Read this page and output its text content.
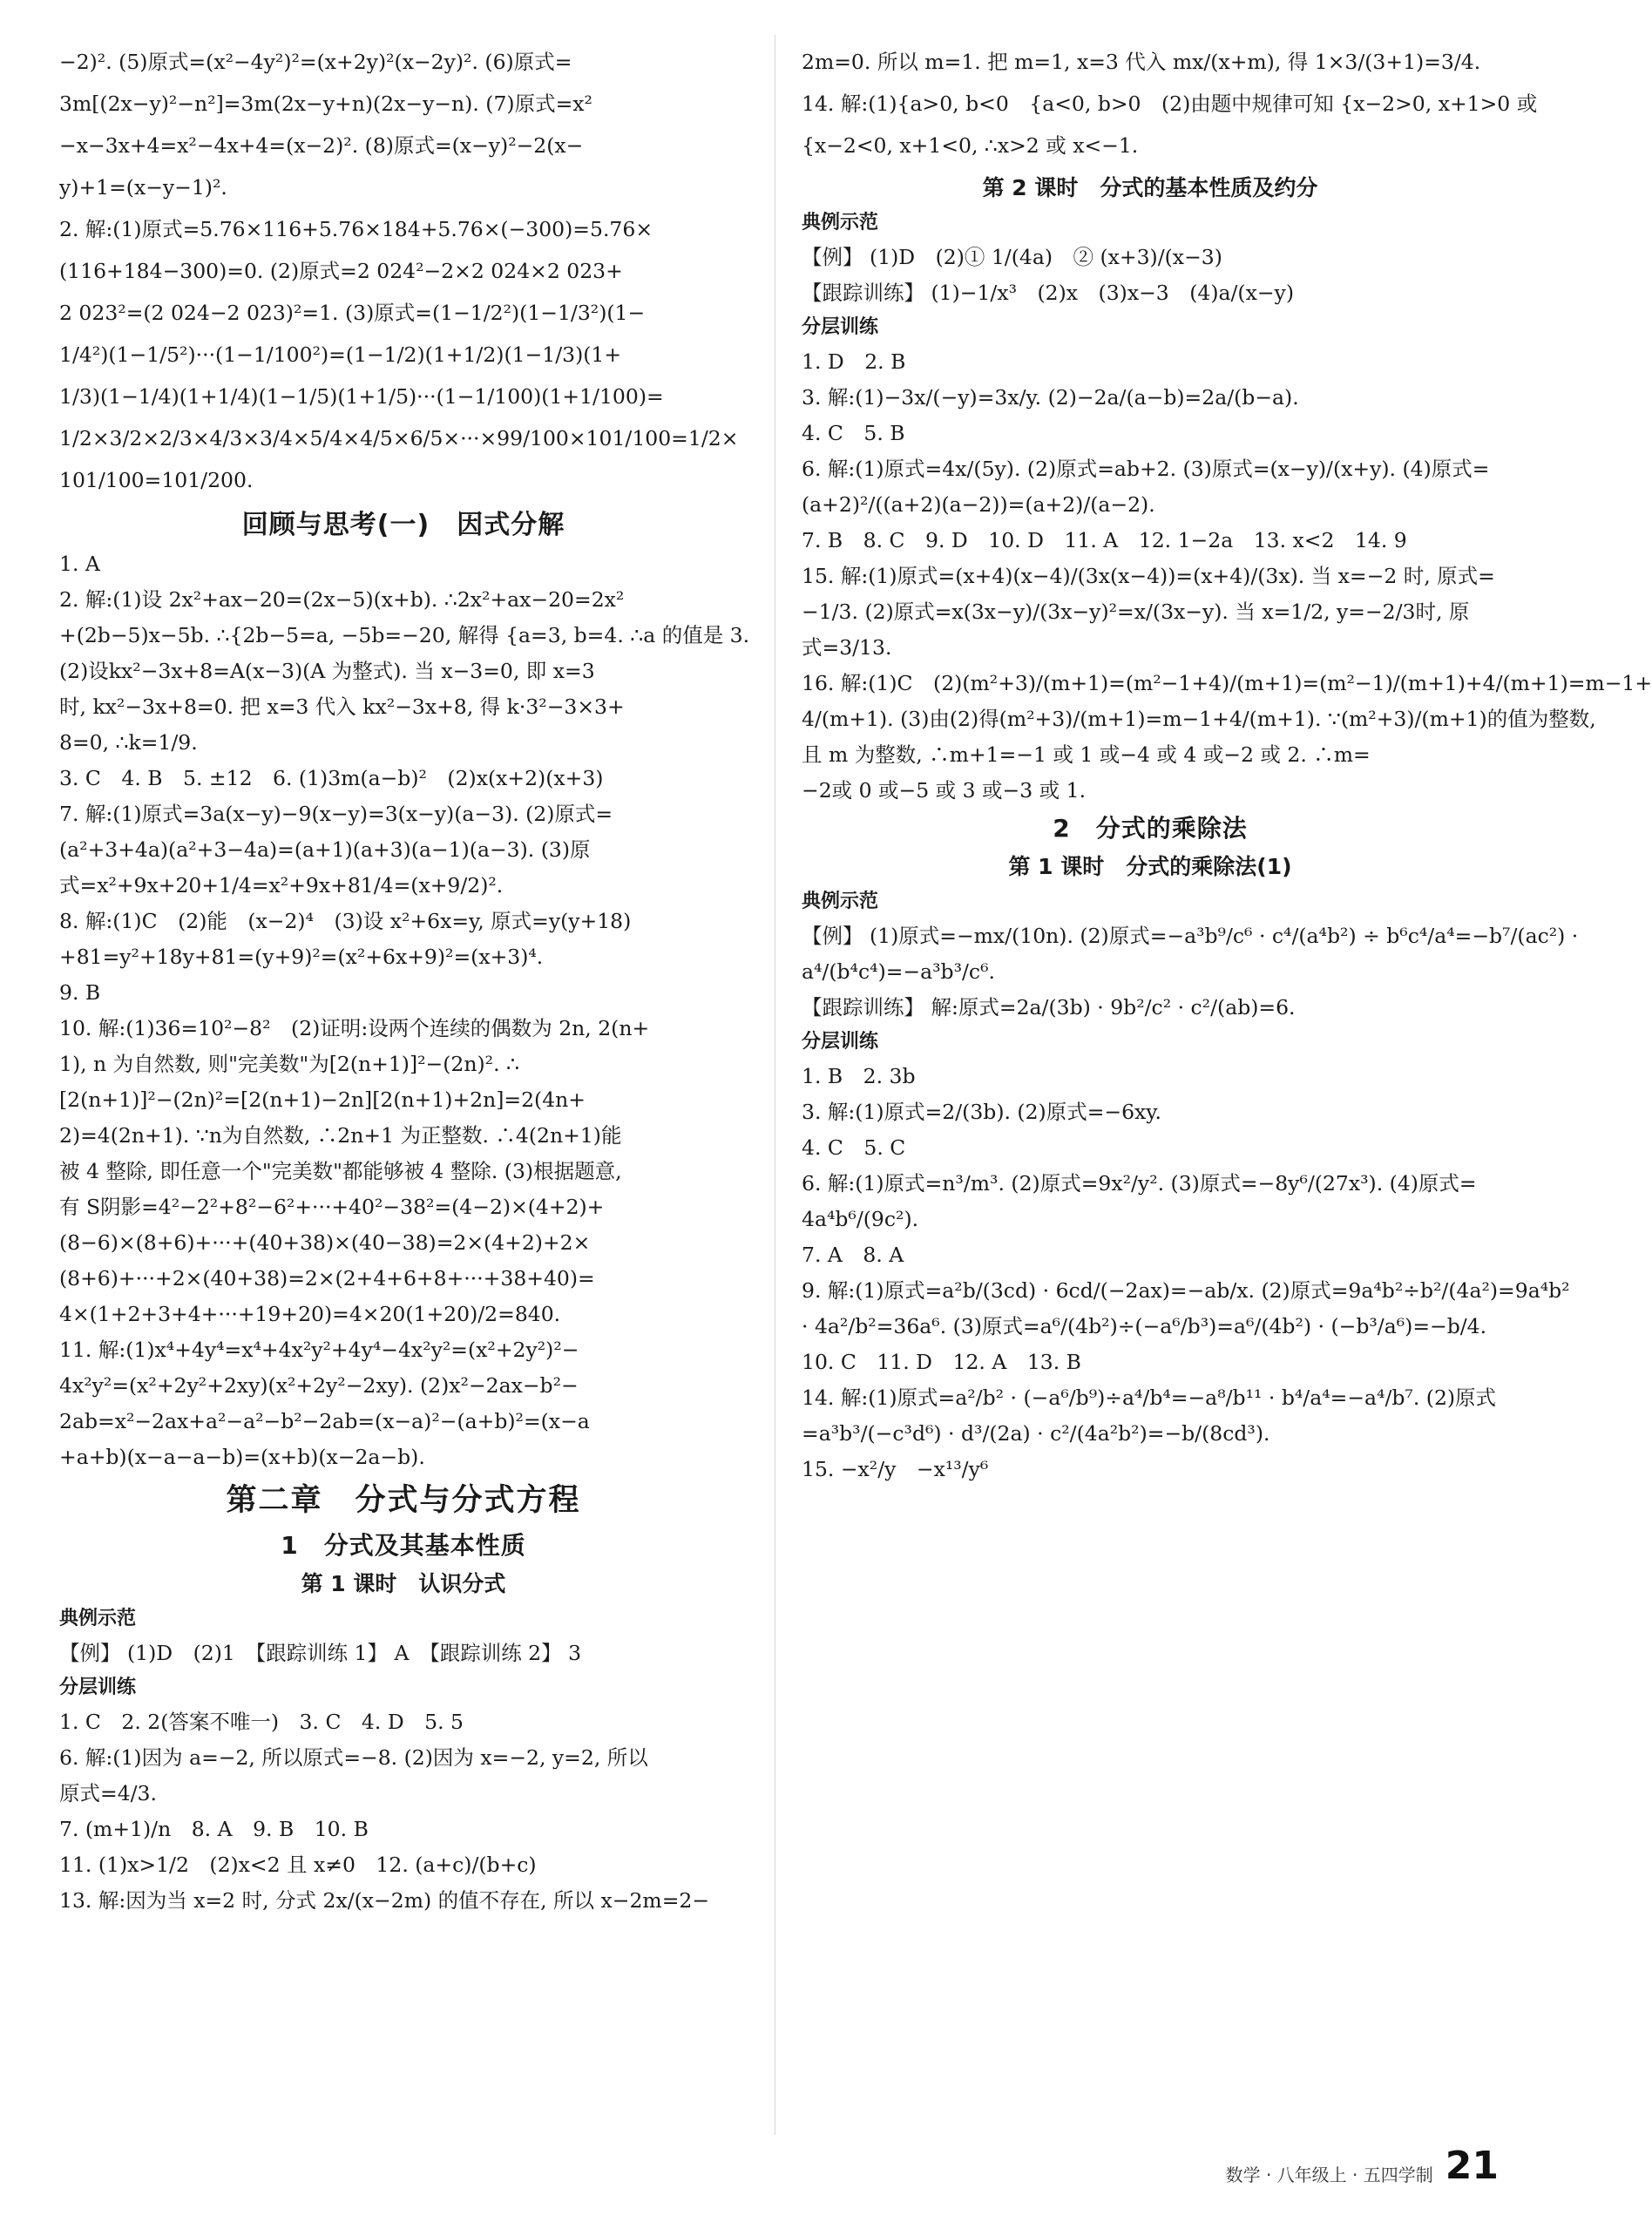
−2)². (5)原式=(x²−4y²)²=(x+2y)²(x−2y)². (6)原式=
3m[(2x−y)²−n²]=3m(2x−y+n)(2x−y−n). (7)原式=x²
−x−3x+4=x²−4x+4=(x−2)². (8)原式=(x−y)²−2(x−
y)+1=(x−y−1)².
2. 解:(1)原式=5.76×116+5.76×184+5.76×(−300)=5.76×
(116+184−300)=0. (2)原式=2 024²−2×2 024×2 023+
2 023²=(2 024−2 023)²=1. (3)原式=(1−1/2²)(1−1/3²)(1−
1/4²)(1−1/5²)···(1−1/100²)=(1−1/2)(1+1/2)(1−1/3)(1+
1/3)(1−1/4)(1+1/4)(1−1/5)(1+1/5)···(1−1/100)(1+1/100)=
1/2×3/2×2/3×4/3×3/4×5/4×4/5×6/5×···×99/100×101/100=1/2×
101/100=101/200.
回顾与思考(一)　因式分解
1. A
2. 解:(1)设 2x²+ax−20=(2x−5)(x+b). ∴2x²+ax−20=2x²
+(2b−5)x−5b. ∴{2b−5=a, −5b=−20, 解得 {a=3, b=4. ∴a 的值是 3.
(2)设kx²−3x+8=A(x−3)(A 为整式). 当 x−3=0, 即 x=3
时, kx²−3x+8=0. 把 x=3 代入 kx²−3x+8, 得 k·3²−3×3+
8=0, ∴k=1/9.
3. C　4. B　5. ±12　6. (1)3m(a−b)²　(2)x(x+2)(x+3)
7. 解:(1)原式=3a(x−y)−9(x−y)=3(x−y)(a−3). (2)原式=
(a²+3+4a)(a²+3−4a)=(a+1)(a+3)(a−1)(a−3). (3)原
式=x²+9x+20+1/4=x²+9x+81/4=(x+9/2)².
8. 解:(1)C　(2)能　(x−2)⁴　(3)设 x²+6x=y, 原式=y(y+18)
+81=y²+18y+81=(y+9)²=(x²+6x+9)²=(x+3)⁴.
9. B
10. 解:(1)36=10²−8²　(2)证明:设两个连续的偶数为 2n, 2(n+
1), n 为自然数, 则"完美数"为[2(n+1)]²−(2n)². ∴
[2(n+1)]²−(2n)²=[2(n+1)−2n][2(n+1)+2n]=2(4n+
2)=4(2n+1). ∵n为自然数, ∴2n+1 为正整数. ∴4(2n+1)能
被 4 整除, 即任意一个"完美数"都能够被 4 整除. (3)根据题意,
有 S阴影=4²−2²+8²−6²+···+40²−38²=(4−2)×(4+2)+
(8−6)×(8+6)+···+(40+38)×(40−38)=2×(4+2)+2×
(8+6)+···+2×(40+38)=2×(2+4+6+8+···+38+40)=
4×(1+2+3+4+···+19+20)=4×20(1+20)/2=840.
11. 解:(1)x⁴+4y⁴=x⁴+4x²y²+4y⁴−4x²y²=(x²+2y²)²−
4x²y²=(x²+2y²+2xy)(x²+2y²−2xy). (2)x²−2ax−b²−
2ab=x²−2ax+a²−a²−b²−2ab=(x−a)²−(a+b)²=(x−a
+a+b)(x−a−a−b)=(x+b)(x−2a−b).
第二章　分式与分式方程
1　分式及其基本性质
第 1 课时　认识分式
典例示范
【例】 (1)D　(2)1　【跟踪训练 1】 A　【跟踪训练 2】 3
分层训练
1. C　2. 2(答案不唯一)　3. C　4. D　5. 5
6. 解:(1)因为 a=−2, 所以原式=−8. (2)因为 x=−2, y=2, 所以
原式=4/3.
7. (m+1)/n　8. A　9. B　10. B
11. (1)x>1/2　(2)x<2 且 x≠0　12. (a+c)/(b+c)
13. 解:因为当 x=2 时, 分式 2x/(x−2m) 的值不存在, 所以 x−2m=2−
2m=0. 所以 m=1. 把 m=1, x=3 代入 mx/(x+m), 得 1×3/(3+1)=3/4.
14. 解:(1){a>0, b<0　{a<0, b>0　(2)由题中规律可知 {x−2>0, x+1>0 或
{x−2<0, x+1<0, ∴x>2 或 x<−1.
第 2 课时　分式的基本性质及约分
典例示范
【例】 (1)D　(2)① 1/(4a)　② (x+3)/(x−3)
【跟踪训练】 (1)−1/x³　(2)x　(3)x−3　(4)a/(x−y)
分层训练
1. D　2. B
3. 解:(1)−3x/(−y)=3x/y. (2)−2a/(a−b)=2a/(b−a).
4. C　5. B
6. 解:(1)原式=4x/(5y). (2)原式=ab+2. (3)原式=(x−y)/(x+y). (4)原式=
(a+2)²/((a+2)(a−2))=(a+2)/(a−2).
7. B　8. C　9. D　10. D　11. A　12. 1−2a　13. x<2　14. 9
15. 解:(1)原式=(x+4)(x−4)/(3x(x−4))=(x+4)/(3x). 当 x=−2 时, 原式=
−1/3. (2)原式=x(3x−y)/(3x−y)²=x/(3x−y). 当 x=1/2, y=−2/3时, 原
式=3/13.
16. 解:(1)C　(2)(m²+3)/(m+1)=(m²−1+4)/(m+1)=(m²−1)/(m+1)+4/(m+1)=m−1+
4/(m+1). (3)由(2)得(m²+3)/(m+1)=m−1+4/(m+1). ∵(m²+3)/(m+1)的值为整数,
且 m 为整数, ∴m+1=−1 或 1 或−4 或 4 或−2 或 2. ∴m=
−2或 0 或−5 或 3 或−3 或 1.
2　分式的乘除法
第 1 课时　分式的乘除法(1)
典例示范
【例】 (1)原式=−mx/(10n). (2)原式=−a³b⁹/c⁶ · c⁴/(a⁴b²) ÷ b⁶c⁴/a⁴=−b⁷/(ac²) ·
a⁴/(b⁴c⁴)=−a³b³/c⁶.
【跟踪训练】 解:原式=2a/(3b) · 9b²/c² · c²/(ab)=6.
分层训练
1. B　2. 3b
3. 解:(1)原式=2/(3b). (2)原式=−6xy.
4. C　5. C
6. 解:(1)原式=n³/m³. (2)原式=9x²/y². (3)原式=−8y⁶/(27x³). (4)原式=
4a⁴b⁶/(9c²).
7. A　8. A
9. 解:(1)原式=a²b/(3cd) · 6cd/(−2ax)=−ab/x. (2)原式=9a⁴b²÷b²/(4a²)=9a⁴b²
· 4a²/b²=36a⁶. (3)原式=a⁶/(4b²)÷(−a⁶/b³)=a⁶/(4b²) · (−b³/a⁶)=−b/4.
10. C　11. D　12. A　13. B
14. 解:(1)原式=a²/b² · (−a⁶/b⁹)÷a⁴/b⁴=−a⁸/b¹¹ · b⁴/a⁴=−a⁴/b⁷. (2)原式
=a³b³/(−c³d⁶) · d³/(2a) · c²/(4a²b²)=−b/(8cd³).
15. −x²/y　−x¹³/y⁶
数学 · 八年级上 · 五四学制 21
